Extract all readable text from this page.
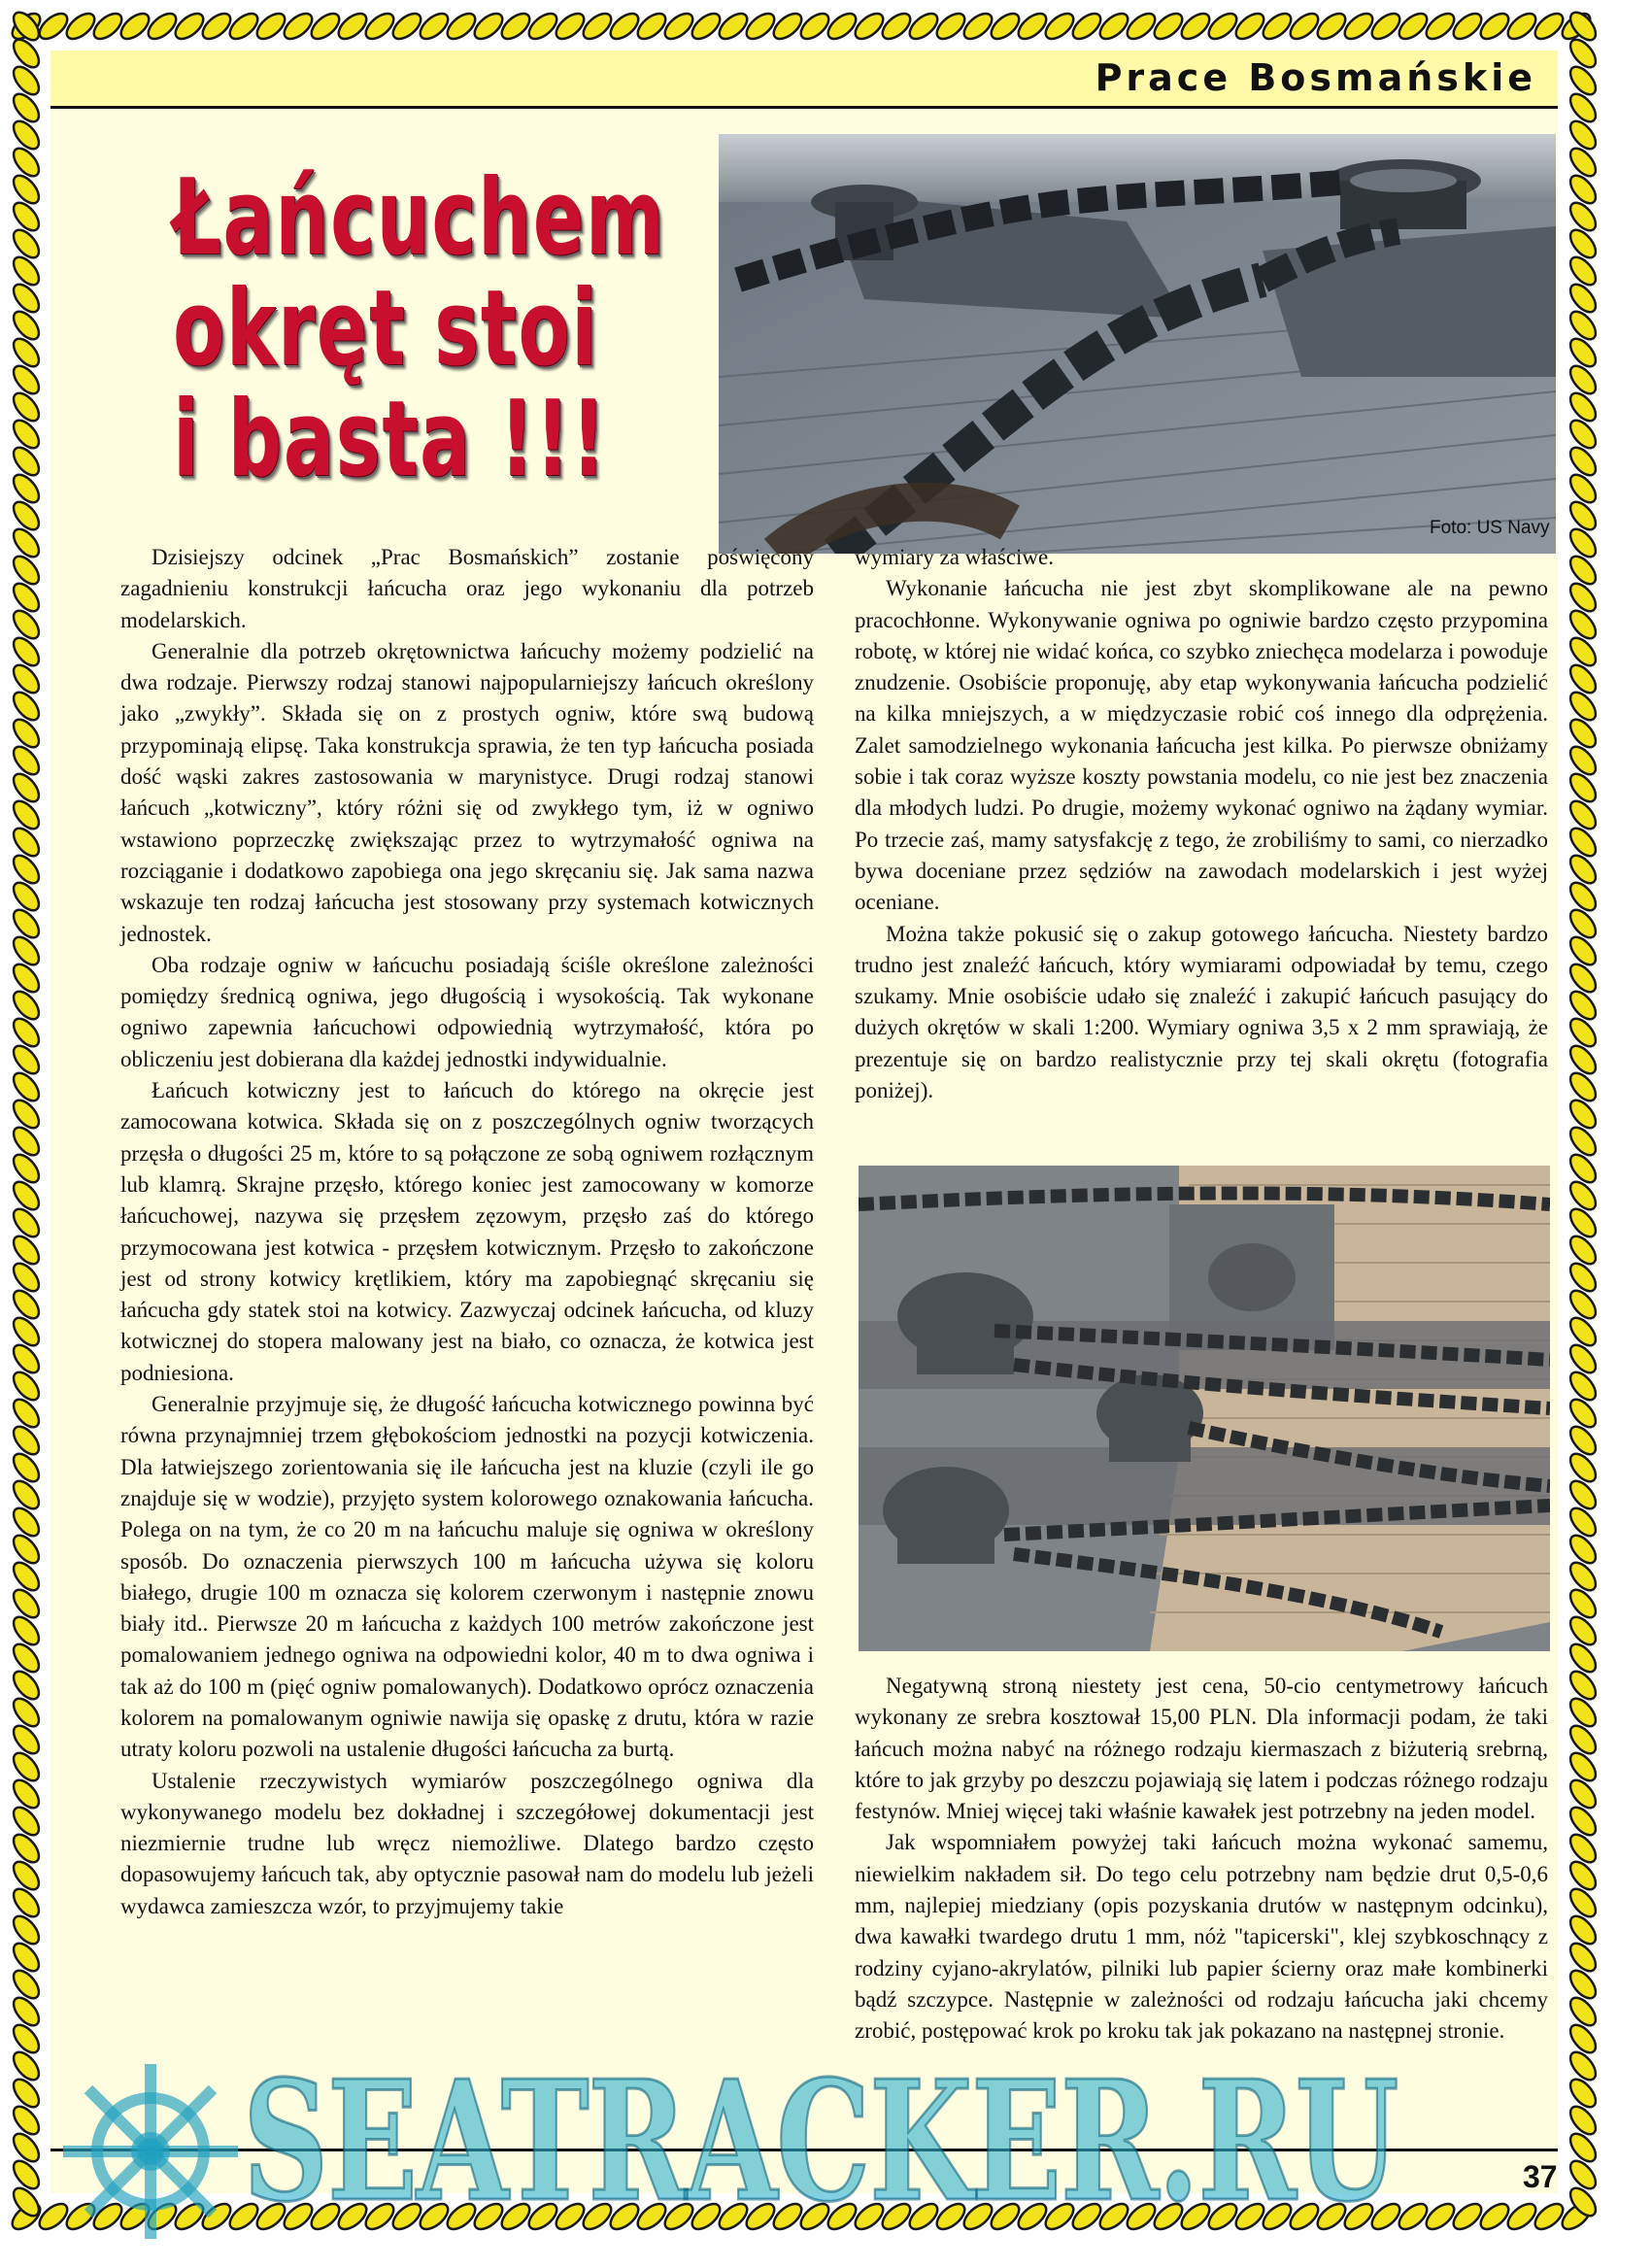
Prace Bosmańskie
Łańcuchem
okręt stoi
i basta !!!
Foto: US Navy

Dzisiejszy odcinek „Prac Bosmańskich” zostanie poświęcony zagadnieniu konstrukcji łańcucha oraz jego wykonaniu dla potrzeb modelarskich.

Generalnie dla potrzeb okrętownictwa łańcuchy możemy podzielić na dwa rodzaje. Pierwszy rodzaj stanowi najpopularniejszy łańcuch określony jako „zwykły”. Składa się on z prostych ogniw, które swą budową przypominają elipsę. Taka konstrukcja sprawia, że ten typ łańcucha posiada dość wąski zakres zastosowania w marynistyce. Drugi rodzaj stanowi łańcuch „kotwiczny”, który różni się od zwykłego tym, iż w ogniwo wstawiono poprzeczkę zwiększając przez to wytrzymałość ogniwa na rozciąganie i dodatkowo zapobiega ona jego skręcaniu się. Jak sama nazwa wskazuje ten rodzaj łańcucha jest stosowany przy systemach kotwicznych jednostek.

Oba rodzaje ogniw w łańcuchu posiadają ściśle określone zależności pomiędzy średnicą ogniwa, jego długością i wysokością. Tak wykonane ogniwo zapewnia łańcuchowi odpowiednią wytrzymałość, która po obliczeniu jest dobierana dla każdej jednostki indywidualnie.

Łańcuch kotwiczny jest to łańcuch do którego na okręcie jest zamocowana kotwica. Składa się on z poszczególnych ogniw tworzących przęsła o długości 25 m, które to są połączone ze sobą ogniwem rozłącznym lub klamrą. Skrajne przęsło, którego koniec jest zamocowany w komorze łańcuchowej, nazywa się przęsłem zęzowym, przęsło zaś do którego przymocowana jest kotwica - przęsłem kotwicznym. Przęsło to zakończone jest od strony kotwicy krętlikiem, który ma zapobiegnąć skręcaniu się łańcucha gdy statek stoi na kotwicy. Zazwyczaj odcinek łańcucha, od kluzy kotwicznej do stopera malowany jest na biało, co oznacza, że kotwica jest podniesiona.

Generalnie przyjmuje się, że długość łańcucha kotwicznego powinna być równa przynajmniej trzem głębokościom jednostki na pozycji kotwiczenia. Dla łatwiejszego zorientowania się ile łańcucha jest na kluzie (czyli ile go znajduje się w wodzie), przyjęto system kolorowego oznakowania łańcucha. Polega on na tym, że co 20 m na łańcuchu maluje się ogniwa w określony sposób. Do oznaczenia pierwszych 100 m łańcucha używa się koloru białego, drugie 100 m oznacza się kolorem czerwonym i następnie znowu biały itd.. Pierwsze 20 m łańcucha z każdych 100 metrów zakończone jest pomalowaniem jednego ogniwa na odpowiedni kolor, 40 m to dwa ogniwa i tak aż do 100 m (pięć ogniw pomalowanych). Dodatkowo oprócz oznaczenia kolorem na pomalowanym ogniwie nawija się opaskę z drutu, która w razie utraty koloru pozwoli na ustalenie długości łańcucha za burtą.

Ustalenie rzeczywistych wymiarów poszczególnego ogniwa dla wykonywanego modelu bez dokładnej i szczegółowej dokumentacji jest niezmiernie trudne lub wręcz niemożliwe. Dlatego bardzo często dopasowujemy łańcuch tak, aby optycznie pasował nam do modelu lub jeżeli wydawca zamieszcza wzór, to przyjmujemy takie

wymiary za właściwe.

Wykonanie łańcucha nie jest zbyt skomplikowane ale na pewno pracochłonne. Wykonywanie ogniwa po ogniwie bardzo często przypomina robotę, w której nie widać końca, co szybko zniechęca modelarza i powoduje znudzenie. Osobiście proponuję, aby etap wykonywania łańcucha podzielić na kilka mniejszych, a w międzyczasie robić coś innego dla odprężenia. Zalet samodzielnego wykonania łańcucha jest kilka. Po pierwsze obniżamy sobie i tak coraz wyższe koszty powstania modelu, co nie jest bez znaczenia dla młodych ludzi. Po drugie, możemy wykonać ogniwo na żądany wymiar. Po trzecie zaś, mamy satysfakcję z tego, że zrobiliśmy to sami, co nierzadko bywa doceniane przez sędziów na zawodach modelarskich i jest wyżej oceniane.

Można także pokusić się o zakup gotowego łańcucha. Niestety bardzo trudno jest znaleźć łańcuch, który wymiarami odpowiadał by temu, czego szukamy. Mnie osobiście udało się znaleźć i zakupić łańcuch pasujący do dużych okrętów w skali 1:200. Wymiary ogniwa 3,5 x 2 mm sprawiają, że prezentuje się on bardzo realistycznie przy tej skali okrętu (fotografia poniżej).

Negatywną stroną niestety jest cena, 50-cio centymetrowy łańcuch wykonany ze srebra kosztował 15,00 PLN. Dla informacji podam, że taki łańcuch można nabyć na różnego rodzaju kiermaszach z biżuterią srebrną, które to jak grzyby po deszczu pojawiają się latem i podczas różnego rodzaju festynów. Mniej więcej taki właśnie kawałek jest potrzebny na jeden model.

Jak wspomniałem powyżej taki łańcuch można wykonać samemu, niewielkim nakładem sił. Do tego celu potrzebny nam będzie drut 0,5-0,6 mm, najlepiej miedziany (opis pozyskania drutów w następnym odcinku), dwa kawałki twardego drutu 1 mm, nóż "tapicerski", klej szybkoschnący z rodziny cyjano-akrylatów, pilniki lub papier ścierny oraz małe kombinerki bądź szczypce. Następnie w zależności od rodzaju łańcucha jaki chcemy zrobić, postępować krok po kroku tak jak pokazano na następnej stronie.

37
SEATRACKER.RU
